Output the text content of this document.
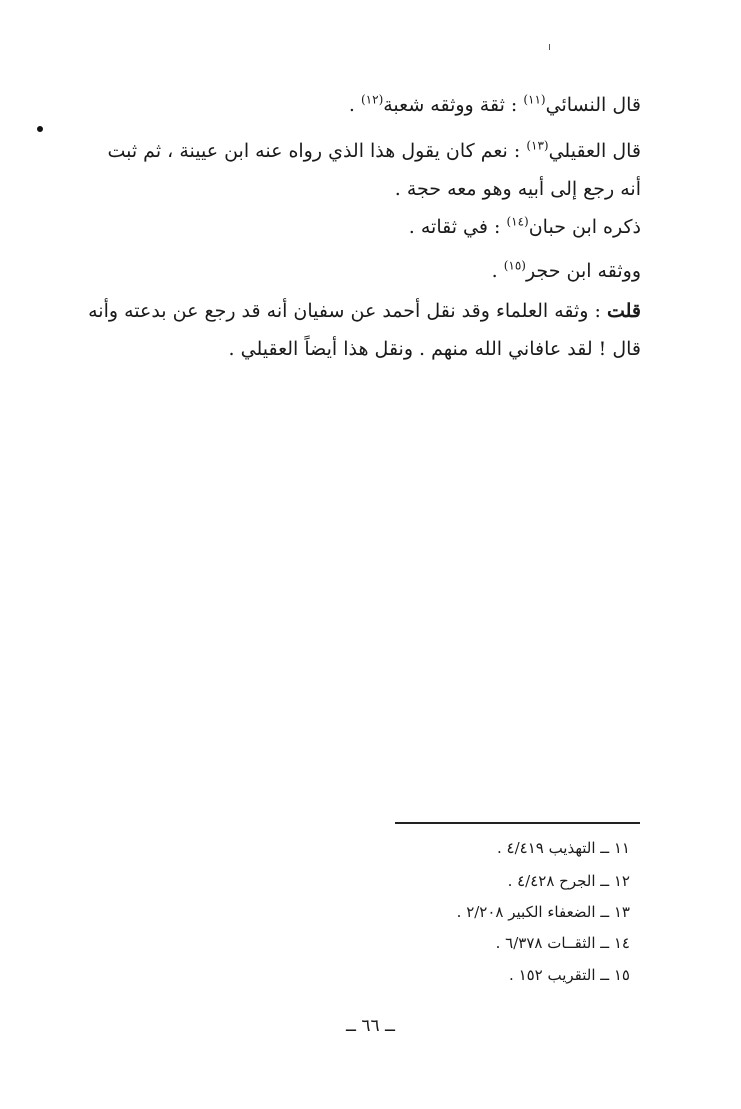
قال النسائي$^{(١١)}$ : ثقة ووثقه شعبة$^{(١٢)}$ .
قال العقيلي$^{(١٣)}$ : نعم كان يقول هذا الذي رواه عنه ابن عيينة ، ثم ثبت أنه رجع إلى أبيه وهو معه حجة .
ذكره ابن حبان$^{(١٤)}$ : في ثقاته .
ووثقه ابن حجر$^{(١٥)}$ .
قلت : وثقه العلماء وقد نقل أحمد عن سفيان أنه قد رجع عن بدعته وأنه قال ! لقد عافاني الله منهم . ونقل هذا أيضاً العقيلي .
١١ ــ التهذيب ٤/٤١٩ .
١٢ ــ الجرح ٤/٤٢٨ .
١٣ ــ الضعفاء الكبير ٢/٢٠٨ .
١٤ ــ الثقــات ٦/٣٧٨ .
١٥ ــ التقريب ١٥٢ .
ــ ٦٦ ــ
